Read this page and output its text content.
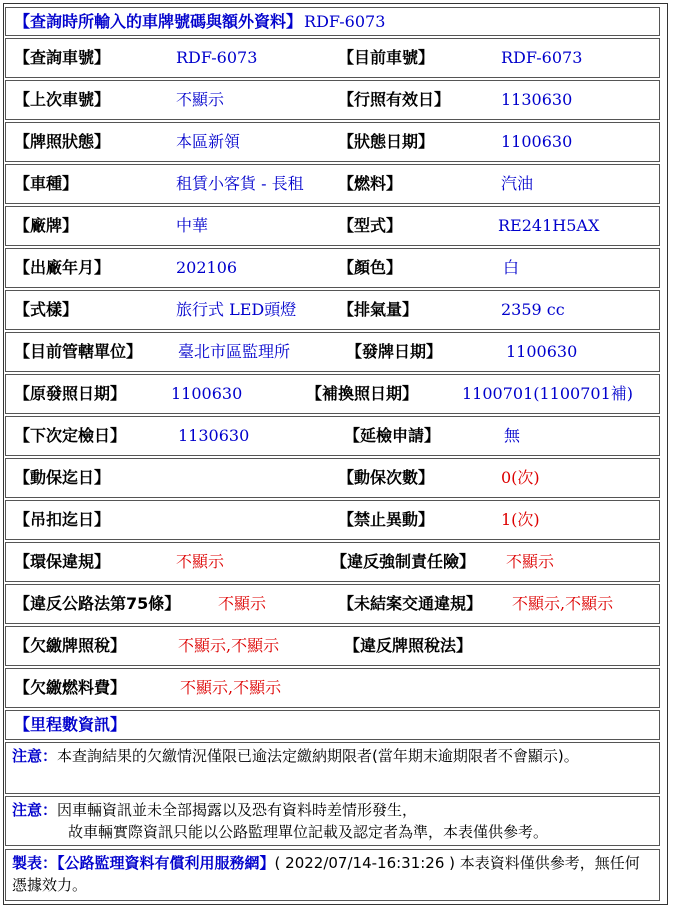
【查詢時所輸入的車牌號碼與額外資料】 RDF-6073
【查詢車號】	RDF-6073	【目前車號】	RDF-6073
【上次車號】	不顯示	【行照有效日】	1130630
【牌照狀態】	本區新領	【狀態日期】	1100630
【車種】	租賃小客貨 - 長租 【燃料】	汽油
【廠牌】	中華	【型式】	RE241H5AX
【出廠年月】	202106	【顏色】	白
【式樣】	旅行式 LED頭燈	【排氣量】	2359 cc
【目前管轄單位】 臺北市區監理所	【發牌日期】	1100630
【原發照日期】	1100630	【補換照日期】	1100701(1100701補)
【下次定檢日】	1130630	【延檢申請】	無
【動保迄日】	【動保次數】	0(次)
【吊扣迄日】	【禁止異動】	1(次)
【環保違規】	不顯示	【違反強制責任險】 不顯示
【違反公路法第75條】 不顯示	【未結案交通違規】 不顯示,不顯示
【欠繳牌照稅】	不顯示,不顯示	【違反牌照稅法】
【欠繳燃料費】	不顯示,不顯示
【里程數資訊】
注意：本查詢結果的欠繳情況僅限已逾法定繳納期限者(當年期末逾期限者不會顯示)。
注意：因車輛資訊並未全部揭露以及恐有資料時差情形發生，
故車輛實際資訊只能以公路監理單位記載及認定者為準，本表僅供參考。
製表：【公路監理資料有償利用服務網】( 2022/07/14-16:31:26 ) 本表資料僅供參考，無任何憑據效力。
